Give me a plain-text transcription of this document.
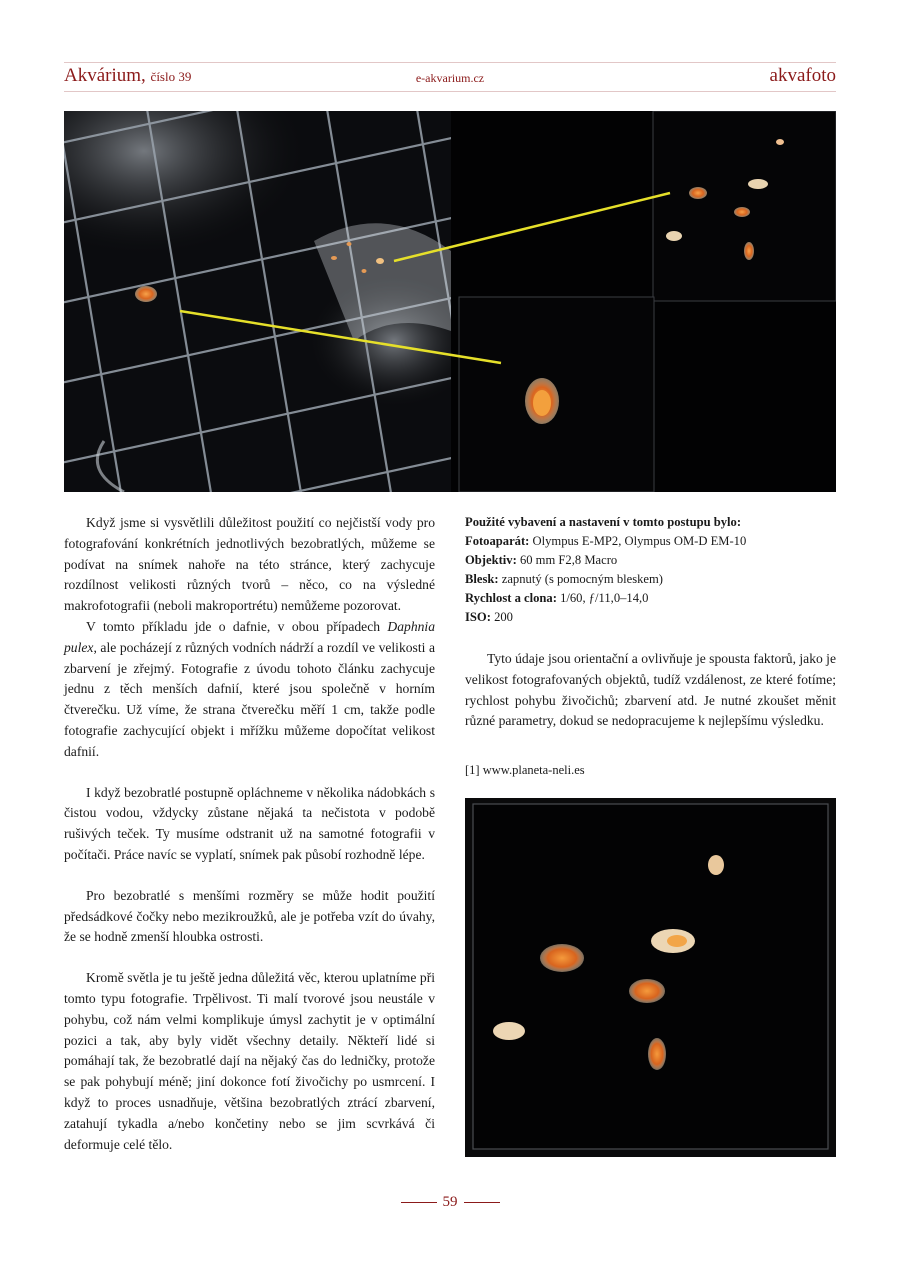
Akvárium, číslo 39	e-akvarium.cz	akvafoto

Když jsme si vysvětlili důležitost použití co nejčistší vody pro fotografování konkrétních jednotlivých bezobratlých, můžeme se podívat na snímek nahoře na této stránce, který zachycuje rozdílnost velikosti různých tvorů – něco, co na výsledné makrofotografii (neboli makroportrétu) nemůžeme pozorovat.

V tomto příkladu jde o dafnie, v obou případech Daphnia pulex, ale pocházejí z různých vodních nádrží a rozdíl ve velikosti a zbarvení je zřejmý. Fotografie z úvodu tohoto článku zachycuje jednu z těch menších dafnií, které jsou společně v horním čtverečku. Už víme, že strana čtverečku měří 1 cm, takže podle fotografie zachycující objekt i mřížku můžeme dopočítat velikost dafnií.

I když bezobratlé postupně opláchneme v několika nádobkách s čistou vodou, vždycky zůstane nějaká ta nečistota v podobě rušivých teček. Ty musíme odstranit už na samotné fotografii v počítači. Práce navíc se vyplatí, snímek pak působí rozhodně lépe.

Pro bezobratlé s menšími rozměry se může hodit použití předsádkové čočky nebo mezikroužků, ale je potřeba vzít do úvahy, že se hodně zmenší hloubka ostrosti.

Kromě světla je tu ještě jedna důležitá věc, kterou uplatníme při tomto typu fotografie. Trpělivost. Ti malí tvorové jsou neustále v pohybu, což nám velmi komplikuje úmysl zachytit je v optimální pozici a tak, aby byly vidět všechny detaily. Někteří lidé si pomáhají tak, že bezobratlé dají na nějaký čas do ledničky, protože se pak pohybují méně; jiní dokonce fotí živočichy po usmrcení. I když to proces usnadňuje, většina bezobratlých ztrácí zbarvení, zatahují tykadla a/nebo končetiny nebo se jim scvrkává či deformuje celé tělo.

Použité vybavení a nastavení v tomto postupu bylo:
Fotoaparát: Olympus E-MP2, Olympus OM-D EM-10
Objektiv: 60 mm F2,8 Macro
Blesk: zapnutý (s pomocným bleskem)
Rychlost a clona: 1/60, ƒ/11,0–14,0
ISO: 200

Tyto údaje jsou orientační a ovlivňuje je spousta faktorů, jako je velikost fotografovaných objektů, tudíž vzdálenost, ze které fotíme; rychlost pohybu živočichů; zbarvení atd. Je nutné zkoušet měnit různé parametry, dokud se nedopracujeme k nejlepšímu výsledku.

[1] www.planeta-neli.es
59
